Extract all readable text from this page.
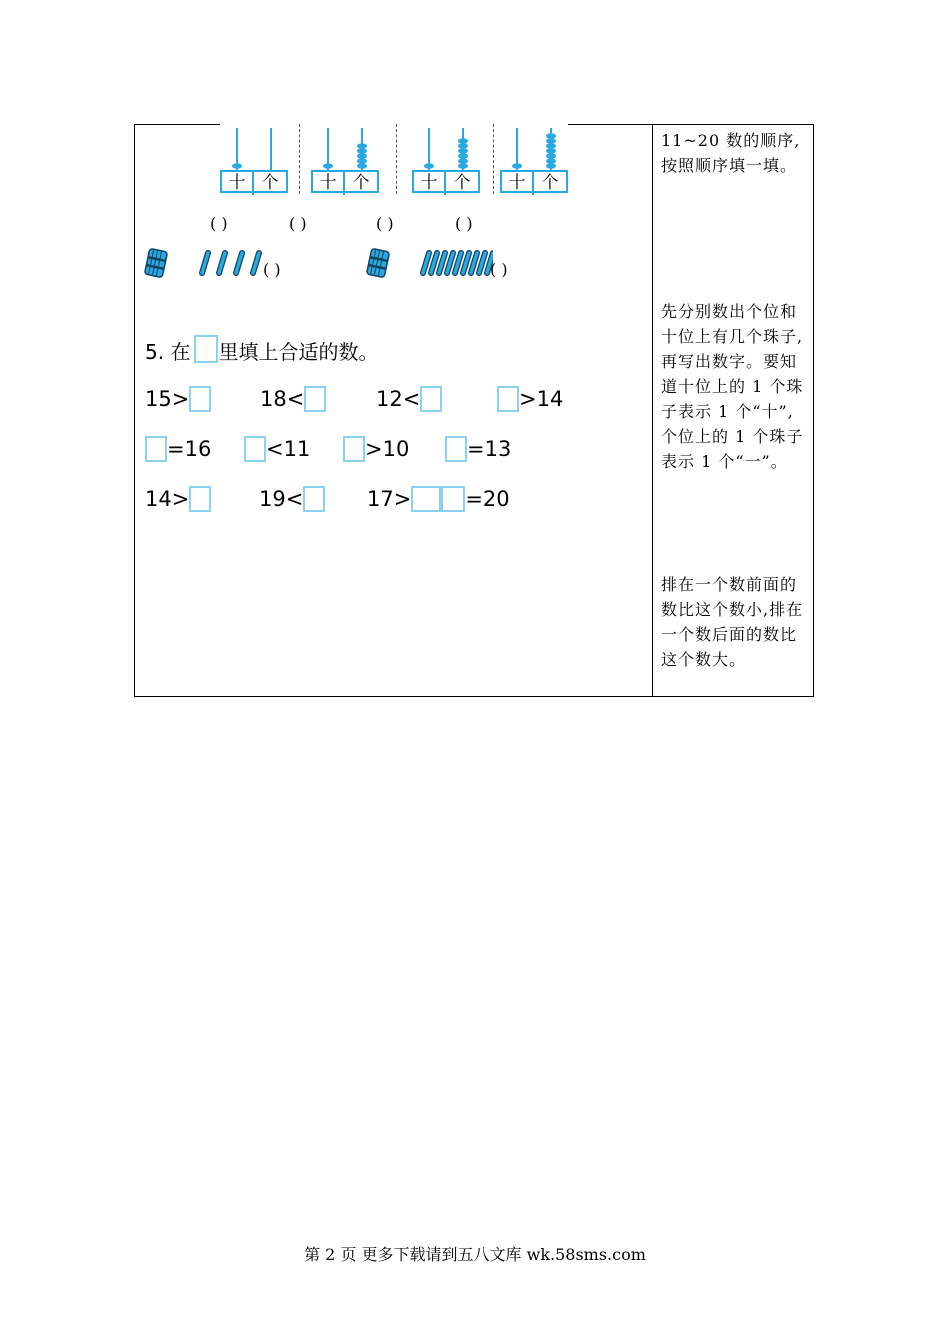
十 个	十 个	十 个	十 个
( )	( )	( )	( )
( )	( )
5. 在 里填上合适的数。
15>	18<	12<	>14
=16	<11	>10	=13
14>	19<	17>	=20
11~20 数的顺序,按照顺序填一填。
先分别数出个位和十位上有几个珠子,再写出数字。要知道十位上的 1 个珠子表示 1 个“十”,个位上的 1 个珠子表示 1 个“一”。
排在一个数前面的数比这个数小,排在一个数后面的数比这个数大。
第 2 页 更多下载请到五八文库 wk.58sms.com
